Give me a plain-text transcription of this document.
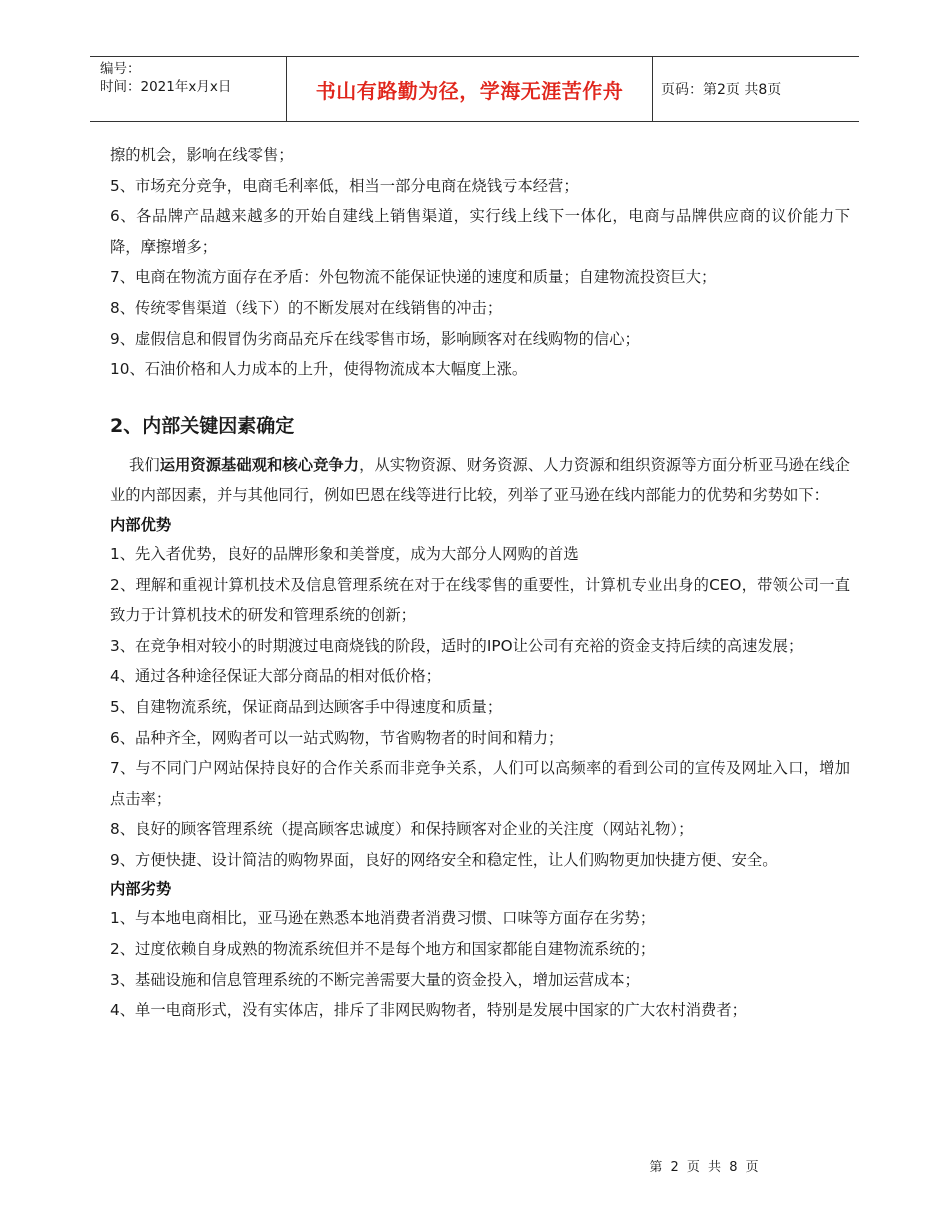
编号：
时间：2021年x月x日	书山有路勤为径，学海无涯苦作舟	页码：第2页 共8页
擦的机会，影响在线零售；
5、市场充分竞争，电商毛利率低，相当一部分电商在烧钱亏本经营；
6、各品牌产品越来越多的开始自建线上销售渠道，实行线上线下一体化，电商与品牌供应商的议价能力下降，摩擦增多；
7、电商在物流方面存在矛盾：外包物流不能保证快递的速度和质量；自建物流投资巨大；
8、传统零售渠道（线下）的不断发展对在线销售的冲击；
9、虚假信息和假冒伪劣商品充斥在线零售市场，影响顾客对在线购物的信心；
10、石油价格和人力成本的上升，使得物流成本大幅度上涨。
2、内部关键因素确定
我们运用资源基础观和核心竞争力，从实物资源、财务资源、人力资源和组织资源等方面分析亚马逊在线企业的内部因素，并与其他同行，例如巴恩在线等进行比较，列举了亚马逊在线内部能力的优势和劣势如下：
内部优势
1、先入者优势，良好的品牌形象和美誉度，成为大部分人网购的首选
2、理解和重视计算机技术及信息管理系统在对于在线零售的重要性，计算机专业出身的CEO，带领公司一直致力于计算机技术的研发和管理系统的创新；
3、在竞争相对较小的时期渡过电商烧钱的阶段，适时的IPO让公司有充裕的资金支持后续的高速发展；
4、通过各种途径保证大部分商品的相对低价格；
5、自建物流系统，保证商品到达顾客手中得速度和质量；
6、品种齐全，网购者可以一站式购物，节省购物者的时间和精力；
7、与不同门户网站保持良好的合作关系而非竞争关系，人们可以高频率的看到公司的宣传及网址入口，增加点击率；
8、良好的顾客管理系统（提高顾客忠诚度）和保持顾客对企业的关注度（网站礼物）；
9、方便快捷、设计简洁的购物界面，良好的网络安全和稳定性，让人们购物更加快捷方便、安全。
内部劣势
1、与本地电商相比，亚马逊在熟悉本地消费者消费习惯、口味等方面存在劣势；
2、过度依赖自身成熟的物流系统但并不是每个地方和国家都能自建物流系统的；
3、基础设施和信息管理系统的不断完善需要大量的资金投入，增加运营成本；
4、单一电商形式，没有实体店，排斥了非网民购物者，特别是发展中国家的广大农村消费者；
第 2 页 共 8 页
